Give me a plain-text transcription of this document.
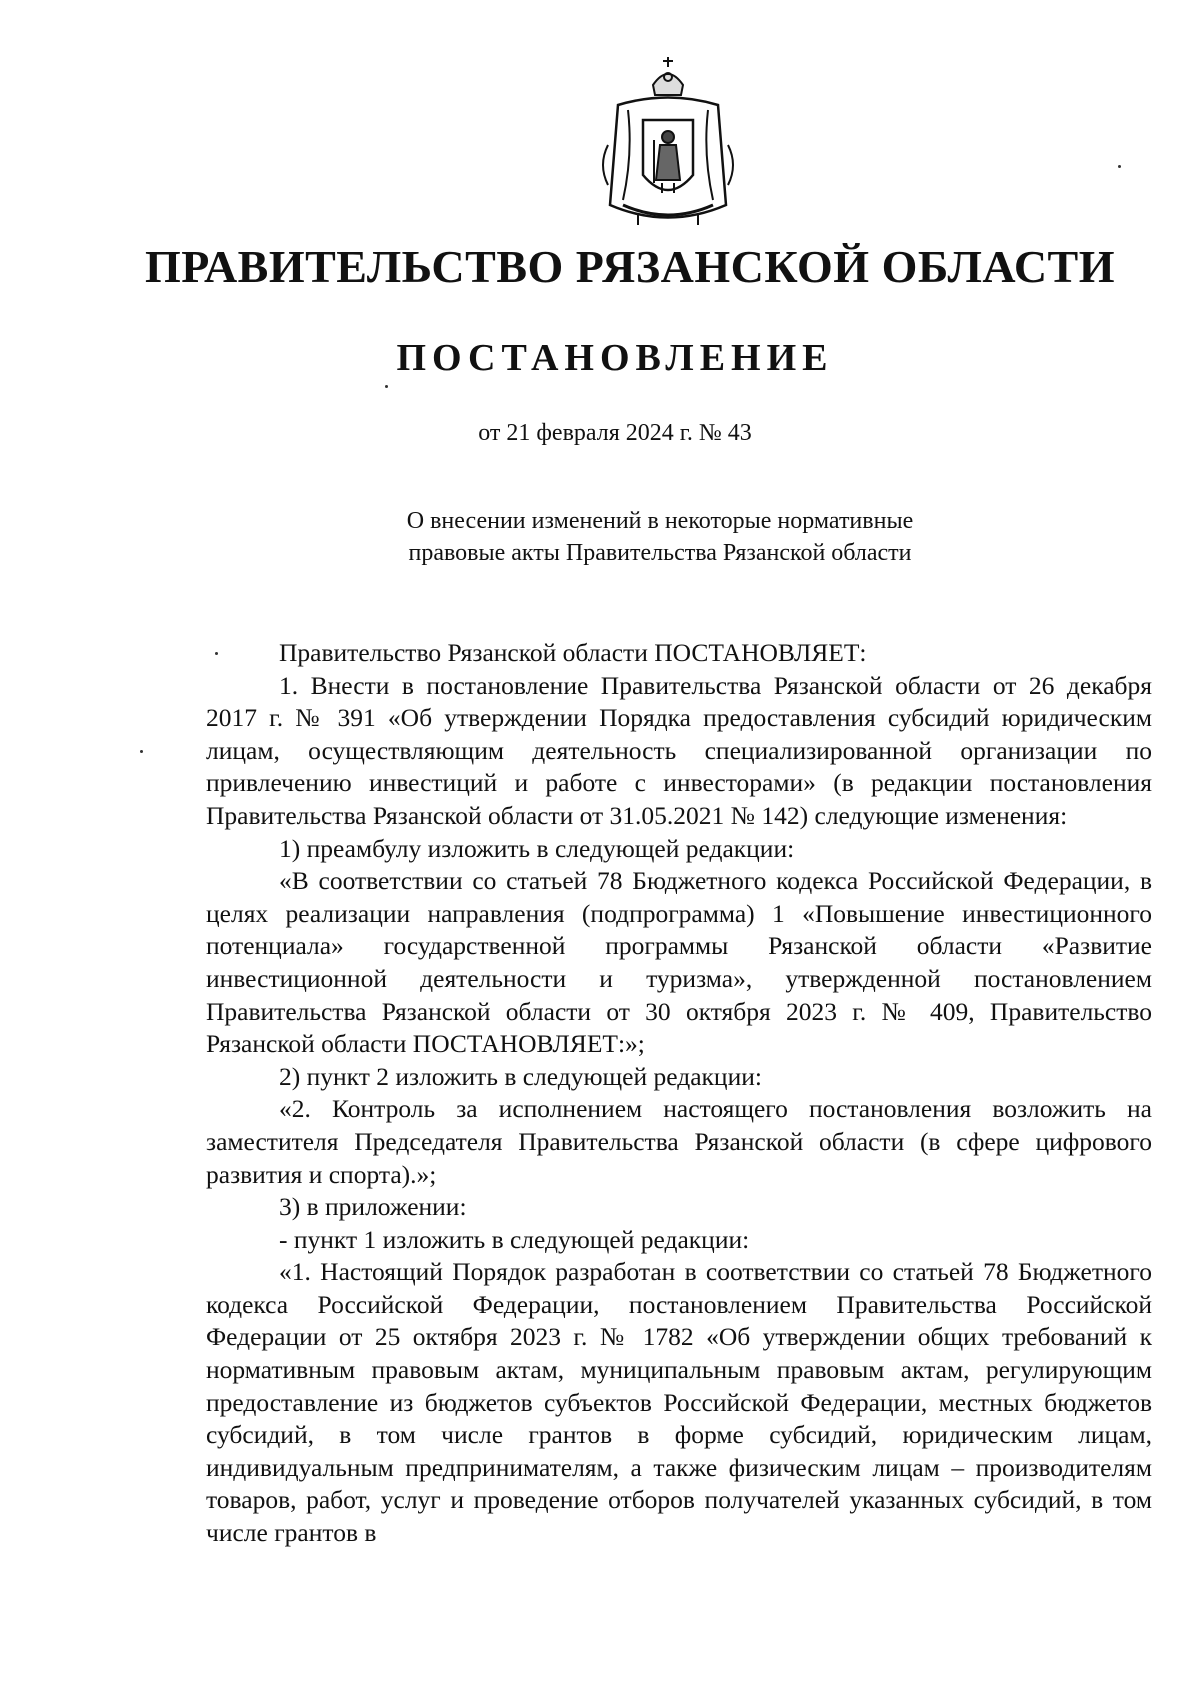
ПРАВИТЕЛЬСТВО РЯЗАНСКОЙ ОБЛАСТИ
ПОСТАНОВЛЕНИЕ
от 21 февраля 2024 г. № 43
О внесении изменений в некоторые нормативные
правовые акты Правительства Рязанской области

Правительство Рязанской области ПОСТАНОВЛЯЕТ:

1. Внести в постановление Правительства Рязанской области от 26 декабря 2017 г. № 391 «Об утверждении Порядка предоставления субсидий юридическим лицам, осуществляющим деятельность специализированной организации по привлечению инвестиций и работе с инвесторами» (в редакции постановления Правительства Рязанской области от 31.05.2021 № 142) следующие изменения:

1) преамбулу изложить в следующей редакции:

«В соответствии со статьей 78 Бюджетного кодекса Российской Федерации, в целях реализации направления (подпрограмма) 1 «Повышение инвестиционного потенциала» государственной программы Рязанской области «Развитие инвестиционной деятельности и туризма», утвержденной постановлением Правительства Рязанской области от 30 октября 2023 г. № 409, Правительство Рязанской области ПОСТАНОВЛЯЕТ:»;

2) пункт 2 изложить в следующей редакции:

«2. Контроль за исполнением настоящего постановления возложить на заместителя Председателя Правительства Рязанской области (в сфере цифрового развития и спорта).»;

3) в приложении:

- пункт 1 изложить в следующей редакции:

«1. Настоящий Порядок разработан в соответствии со статьей 78 Бюджетного кодекса Российской Федерации, постановлением Правительства Российской Федерации от 25 октября 2023 г. № 1782 «Об утверждении общих требований к нормативным правовым актам, муниципальным правовым актам, регулирующим предоставление из бюджетов субъектов Российской Федерации, местных бюджетов субсидий, в том числе грантов в форме субсидий, юридическим лицам, индивидуальным предпринимателям, а также физическим лицам – производителям товаров, работ, услуг и проведение отборов получателей указанных субсидий, в том числе грантов в
